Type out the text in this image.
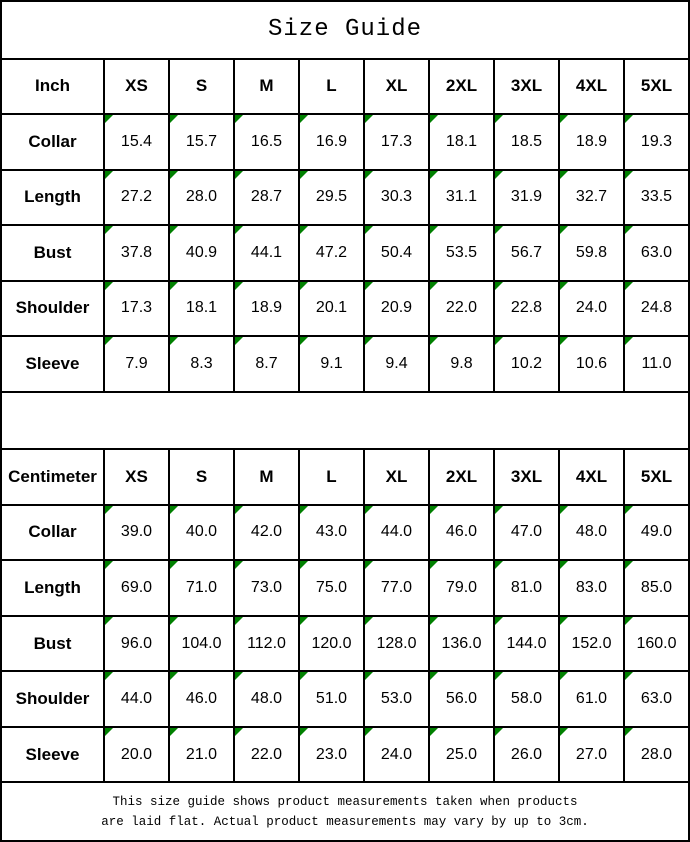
Size Guide									
Inch	XS	S	M	L	XL	2XL	3XL	4XL	5XL
Collar	15.4	15.7	16.5	16.9	17.3	18.1	18.5	18.9	19.3
Length	27.2	28.0	28.7	29.5	30.3	31.1	31.9	32.7	33.5
Bust	37.8	40.9	44.1	47.2	50.4	53.5	56.7	59.8	63.0
Shoulder	17.3	18.1	18.9	20.1	20.9	22.0	22.8	24.0	24.8
Sleeve	7.9	8.3	8.7	9.1	9.4	9.8	10.2	10.6	11.0

Centimeter	XS	S	M	L	XL	2XL	3XL	4XL	5XL
Collar	39.0	40.0	42.0	43.0	44.0	46.0	47.0	48.0	49.0
Length	69.0	71.0	73.0	75.0	77.0	79.0	81.0	83.0	85.0
Bust	96.0	104.0	112.0	120.0	128.0	136.0	144.0	152.0	160.0
Shoulder	44.0	46.0	48.0	51.0	53.0	56.0	58.0	61.0	63.0
Sleeve	20.0	21.0	22.0	23.0	24.0	25.0	26.0	27.0	28.0

This size guide shows product measurements taken when products
are laid flat. Actual product measurements may vary by up to 3cm.									
